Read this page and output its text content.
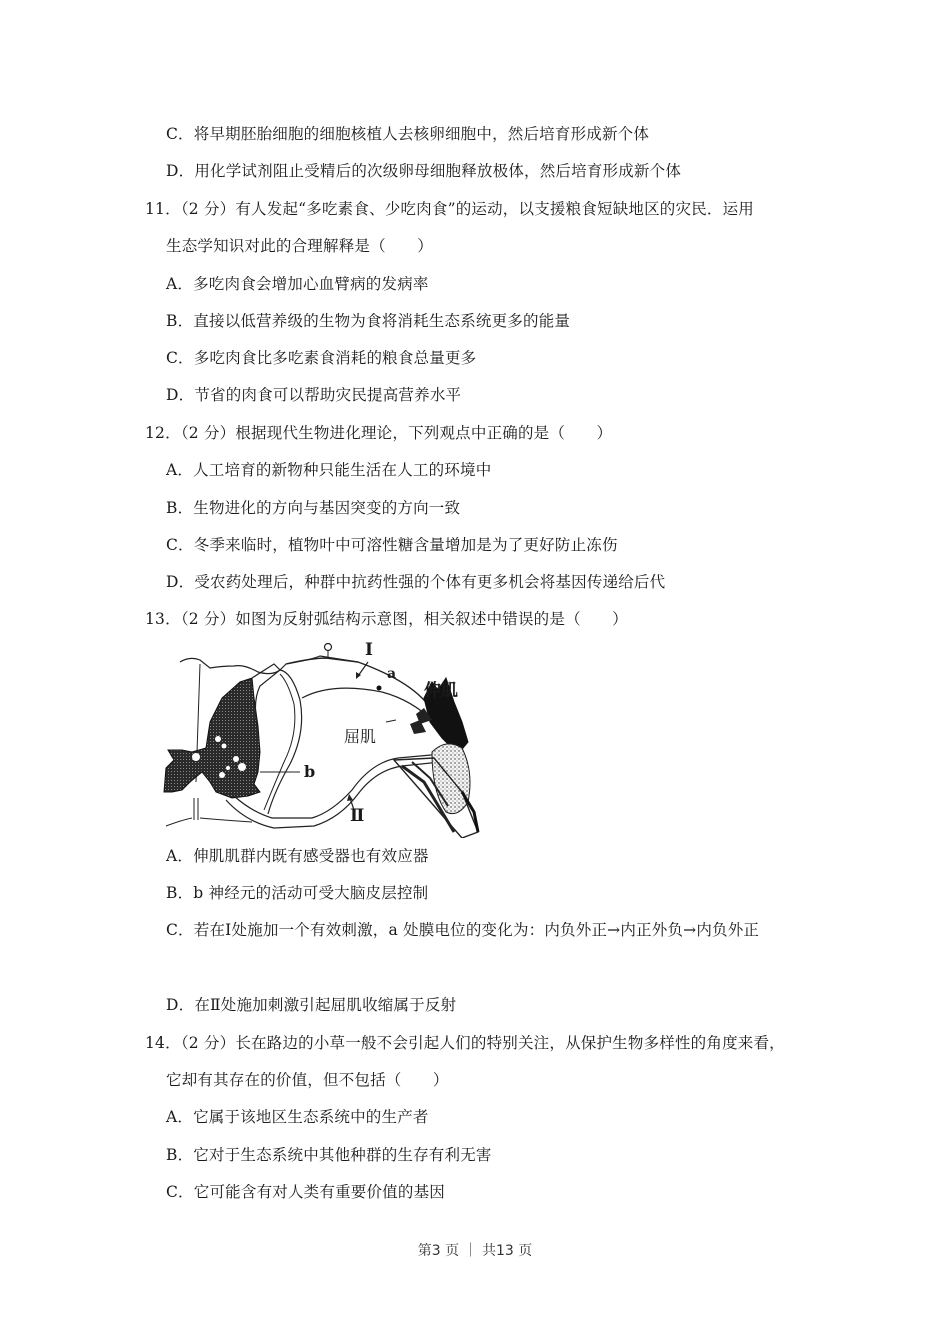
C．将早期胚胎细胞的细胞核植人去核卵细胞中，然后培育形成新个体
D．用化学试剂阻止受精后的次级卵母细胞释放极体，然后培育形成新个体
11．（2 分）有人发起“多吃素食、少吃肉食”的运动，以支援粮食短缺地区的灾民．运用
生态学知识对此的合理解释是（　　）
A．多吃肉食会增加心血臂病的发病率
B．直接以低营养级的生物为食将消耗生态系统更多的能量
C．多吃肉食比多吃素食消耗的粮食总量更多
D．节省的肉食可以帮助灾民提高营养水平
12．（2 分）根据现代生物进化理论，下列观点中正确的是（　　）
A．人工培育的新物种只能生活在人工的环境中
B．生物进化的方向与基因突变的方向一致
C．冬季来临时，植物叶中可溶性糖含量增加是为了更好防止冻伤
D．受农药处理后，种群中抗药性强的个体有更多机会将基因传递给后代
13．（2 分）如图为反射弧结构示意图，相关叙述中错误的是（　　）
Ⅰ
a
伸肌
屈肌
b
Ⅱ
A．伸肌肌群内既有感受器也有效应器
B．b 神经元的活动可受大脑皮层控制
C．若在Ⅰ处施加一个有效刺激，a 处膜电位的变化为：内负外正→内正外负→内负外正
D．在Ⅱ处施加刺激引起屈肌收缩属于反射
14．（2 分）长在路边的小草一般不会引起人们的特别关注，从保护生物多样性的角度来看，
它却有其存在的价值，但不包括（　　）
A．它属于该地区生态系统中的生产者
B．它对于生态系统中其他种群的生存有利无害
C．它可能含有对人类有重要价值的基因
第3 页 ｜ 共13 页
